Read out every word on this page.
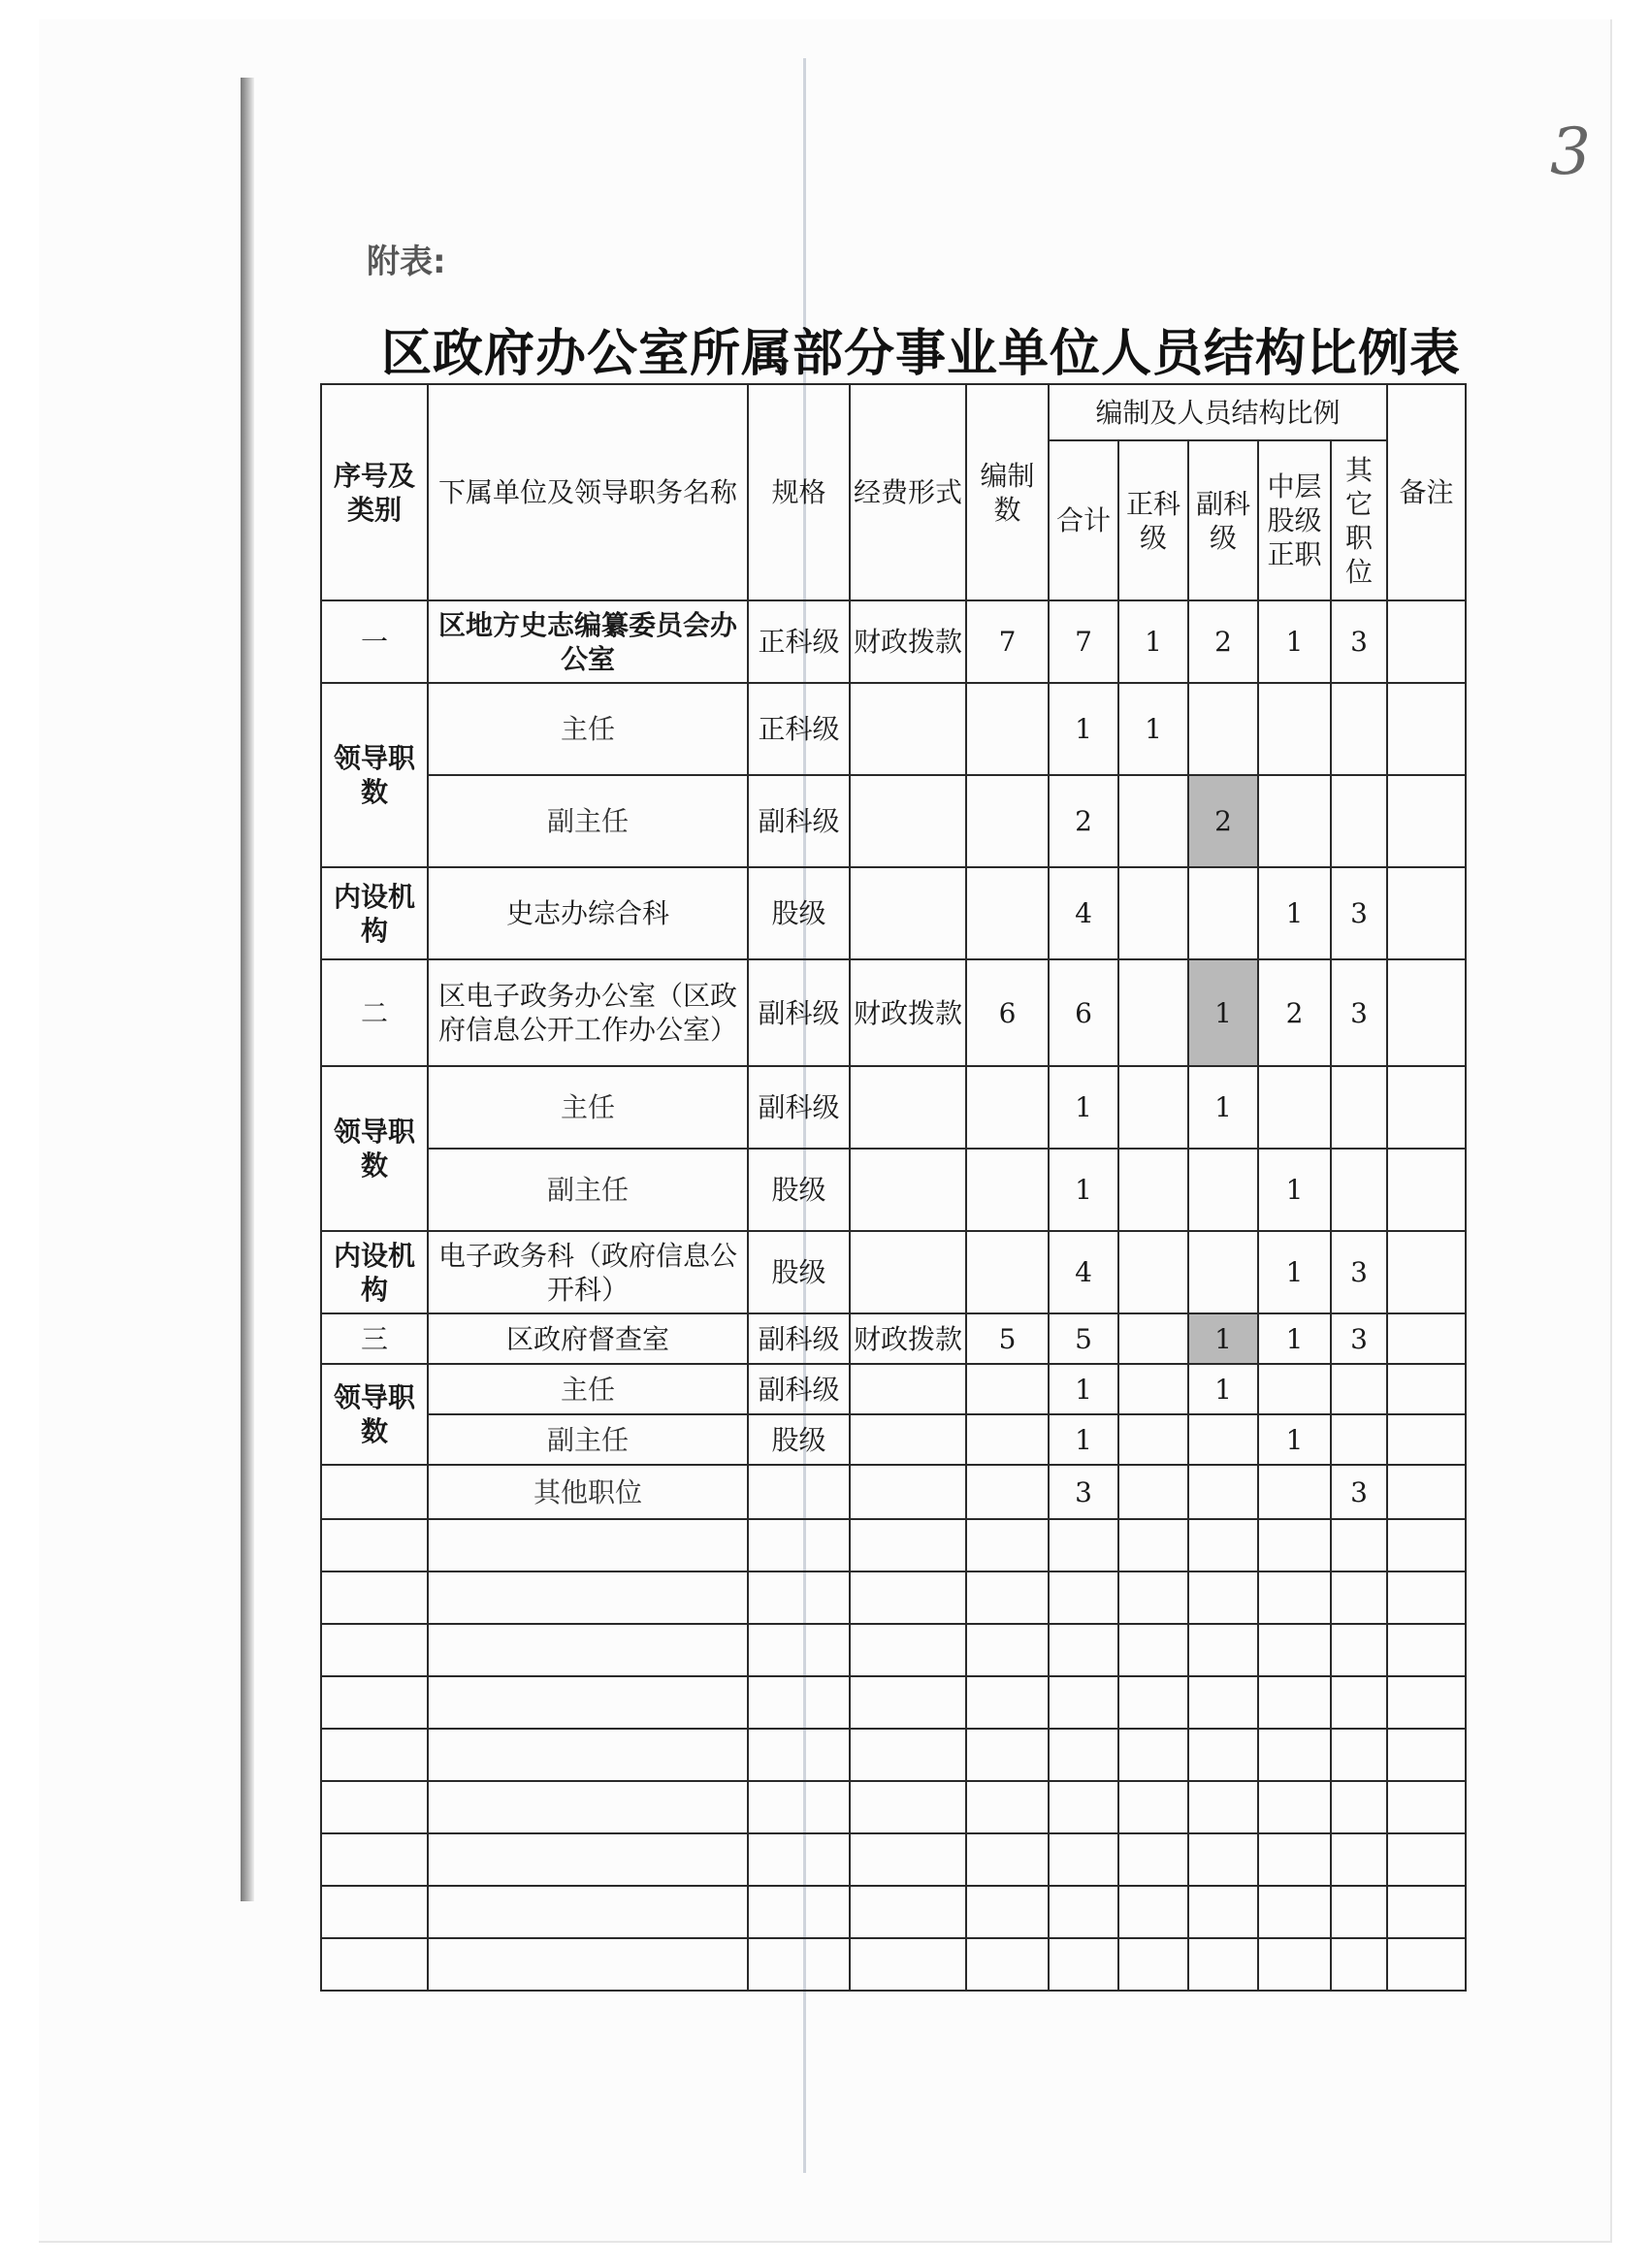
3
附表:
区政府办公室所属部分事业单位人员结构比例表
序号及类别	下属单位及领导职务名称	规格	经费形式	编制数	编制及人员结构比例					备注
					合计	正科级	副科级	中层股级正职	其它职位	
一	区地方史志编纂委员会办公室	正科级	财政拨款	7	7	1	2	1	3	
领导职数	主任	正科级			1	1				
	副主任	副科级			2		2			
内设机构	史志办综合科	股级			4			1	3	
二	区电子政务办公室（区政府信息公开工作办公室）	副科级	财政拨款	6	6		1	2	3	
领导职数	主任	副科级			1		1			
	副主任	股级			1			1		
内设机构	电子政务科（政府信息公开科）	股级			4			1	3	
三	区政府督查室	副科级	财政拨款	5	5		1	1	3	
领导职数	主任	副科级			1		1			
	副主任	股级			1			1		
	其他职位				3				3	
